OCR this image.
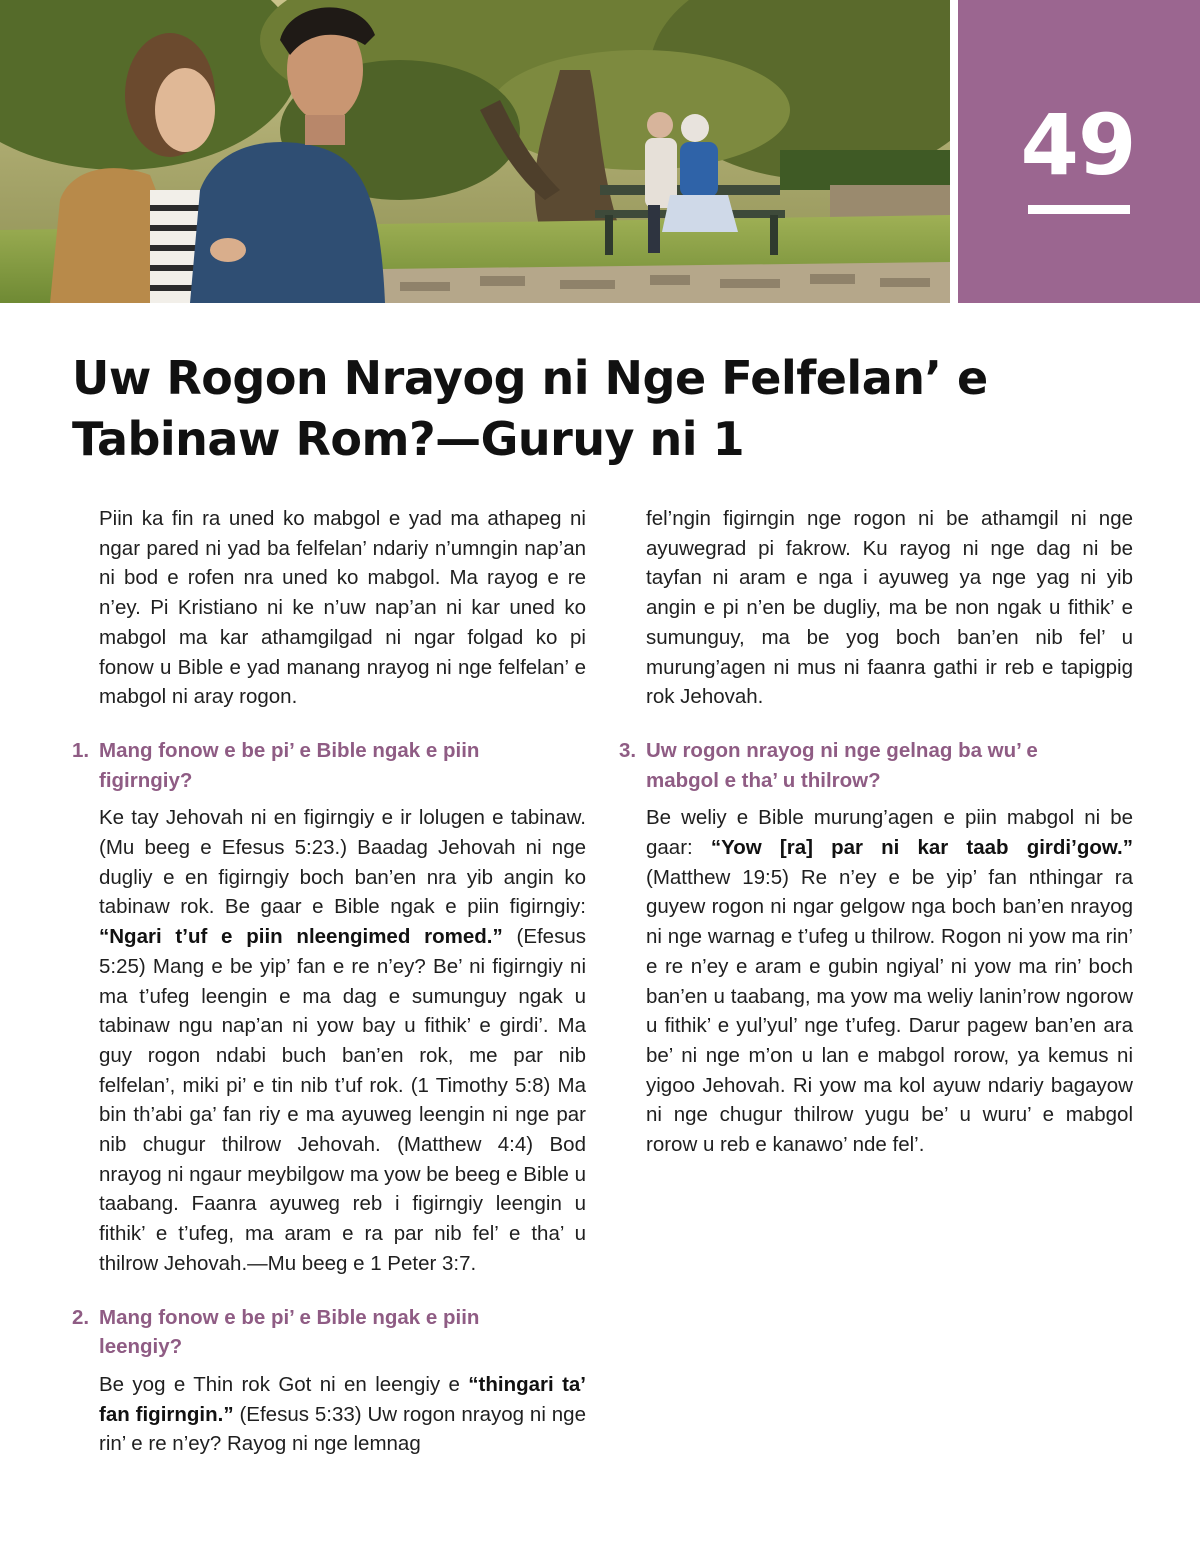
49
Uw Rogon Nrayog ni Nge Felfelan’ e
Tabinaw Rom?—Guruy ni 1

Piin ka fin ra uned ko mabgol e yad ma athapeg ni ngar pared ni yad ba felfelan’ ndariy n’umngin nap’an ni bod e rofen nra uned ko mabgol. Ma rayog e re n’ey. Pi Kristiano ni ke n’uw nap’an ni kar uned ko mabgol ma kar athamgilgad ni ngar folgad ko pi fonow u Bible e yad manang nrayog ni nge felfelan’ e mabgol ni aray rogon.

1. Mang fonow e be pi’ e Bible ngak e piin figirngiy?

Ke tay Jehovah ni en figirngiy e ir lolugen e tabinaw. (Mu beeg e Efesus 5:23.) Baadag Jehovah ni nge dugliy e en figirngiy boch ban’en nra yib angin ko tabinaw rok. Be gaar e Bible ngak e piin figirngiy: “Ngari t’uf e piin nleengimed romed.” (Efesus 5:25) Mang e be yip’ fan e re n’ey? Be’ ni figirngiy ni ma t’ufeg leengin e ma dag e sumunguy ngak u tabinaw ngu nap’an ni yow bay u fithik’ e girdi’. Ma guy rogon ndabi buch ban’en rok, me par nib felfelan’, miki pi’ e tin nib t’uf rok. (1 Timothy 5:8) Ma bin th’abi ga’ fan riy e ma ayuweg leengin ni nge par nib chugur thilrow Jehovah. (Matthew 4:4) Bod nrayog ni ngaur meybilgow ma yow be beeg e Bible u taabang. Faanra ayuweg reb i figirngiy leengin u fithik’ e t’ufeg, ma aram e ra par nib fel’ e tha’ u thilrow Jehovah.—Mu beeg e 1 Peter 3:7.

2. Mang fonow e be pi’ e Bible ngak e piin leengiy?

Be yog e Thin rok Got ni en leengiy e “thingari ta’ fan figirngin.” (Efesus 5:33) Uw rogon nrayog ni nge rin’ e re n’ey? Rayog ni nge lemnag

fel’ngin figirngin nge rogon ni be athamgil ni nge ayuwegrad pi fakrow. Ku rayog ni nge dag ni be tayfan ni aram e nga i ayuweg ya nge yag ni yib angin e pi n’en be dugliy, ma be non ngak u fithik’ e sumunguy, ma be yog boch ban’en nib fel’ u murung’agen ni mus ni faanra gathi ir reb e tapigpig rok Jehovah.

3. Uw rogon nrayog ni nge gelnag ba wu’ e mabgol e tha’ u thilrow?

Be weliy e Bible murung’agen e piin mabgol ni be gaar: “Yow [ra] par ni kar taab girdi’gow.” (Matthew 19:5) Re n’ey e be yip’ fan nthingar ra guyew rogon ni ngar gelgow nga boch ban’en nrayog ni nge warnag e t’ufeg u thilrow. Rogon ni yow ma rin’ e re n’ey e aram e gubin ngiyal’ ni yow ma rin’ boch ban’en u taabang, ma yow ma weliy lanin’row ngorow u fithik’ e yul’yul’ nge t’ufeg. Darur pagew ban’en ara be’ ni nge m’on u lan e mabgol rorow, ya kemus ni yigoo Jehovah. Ri yow ma kol ayuw ndariy bagayow ni nge chugur thilrow yugu be’ u wuru’ e mabgol rorow u reb e kanawo’ nde fel’.
